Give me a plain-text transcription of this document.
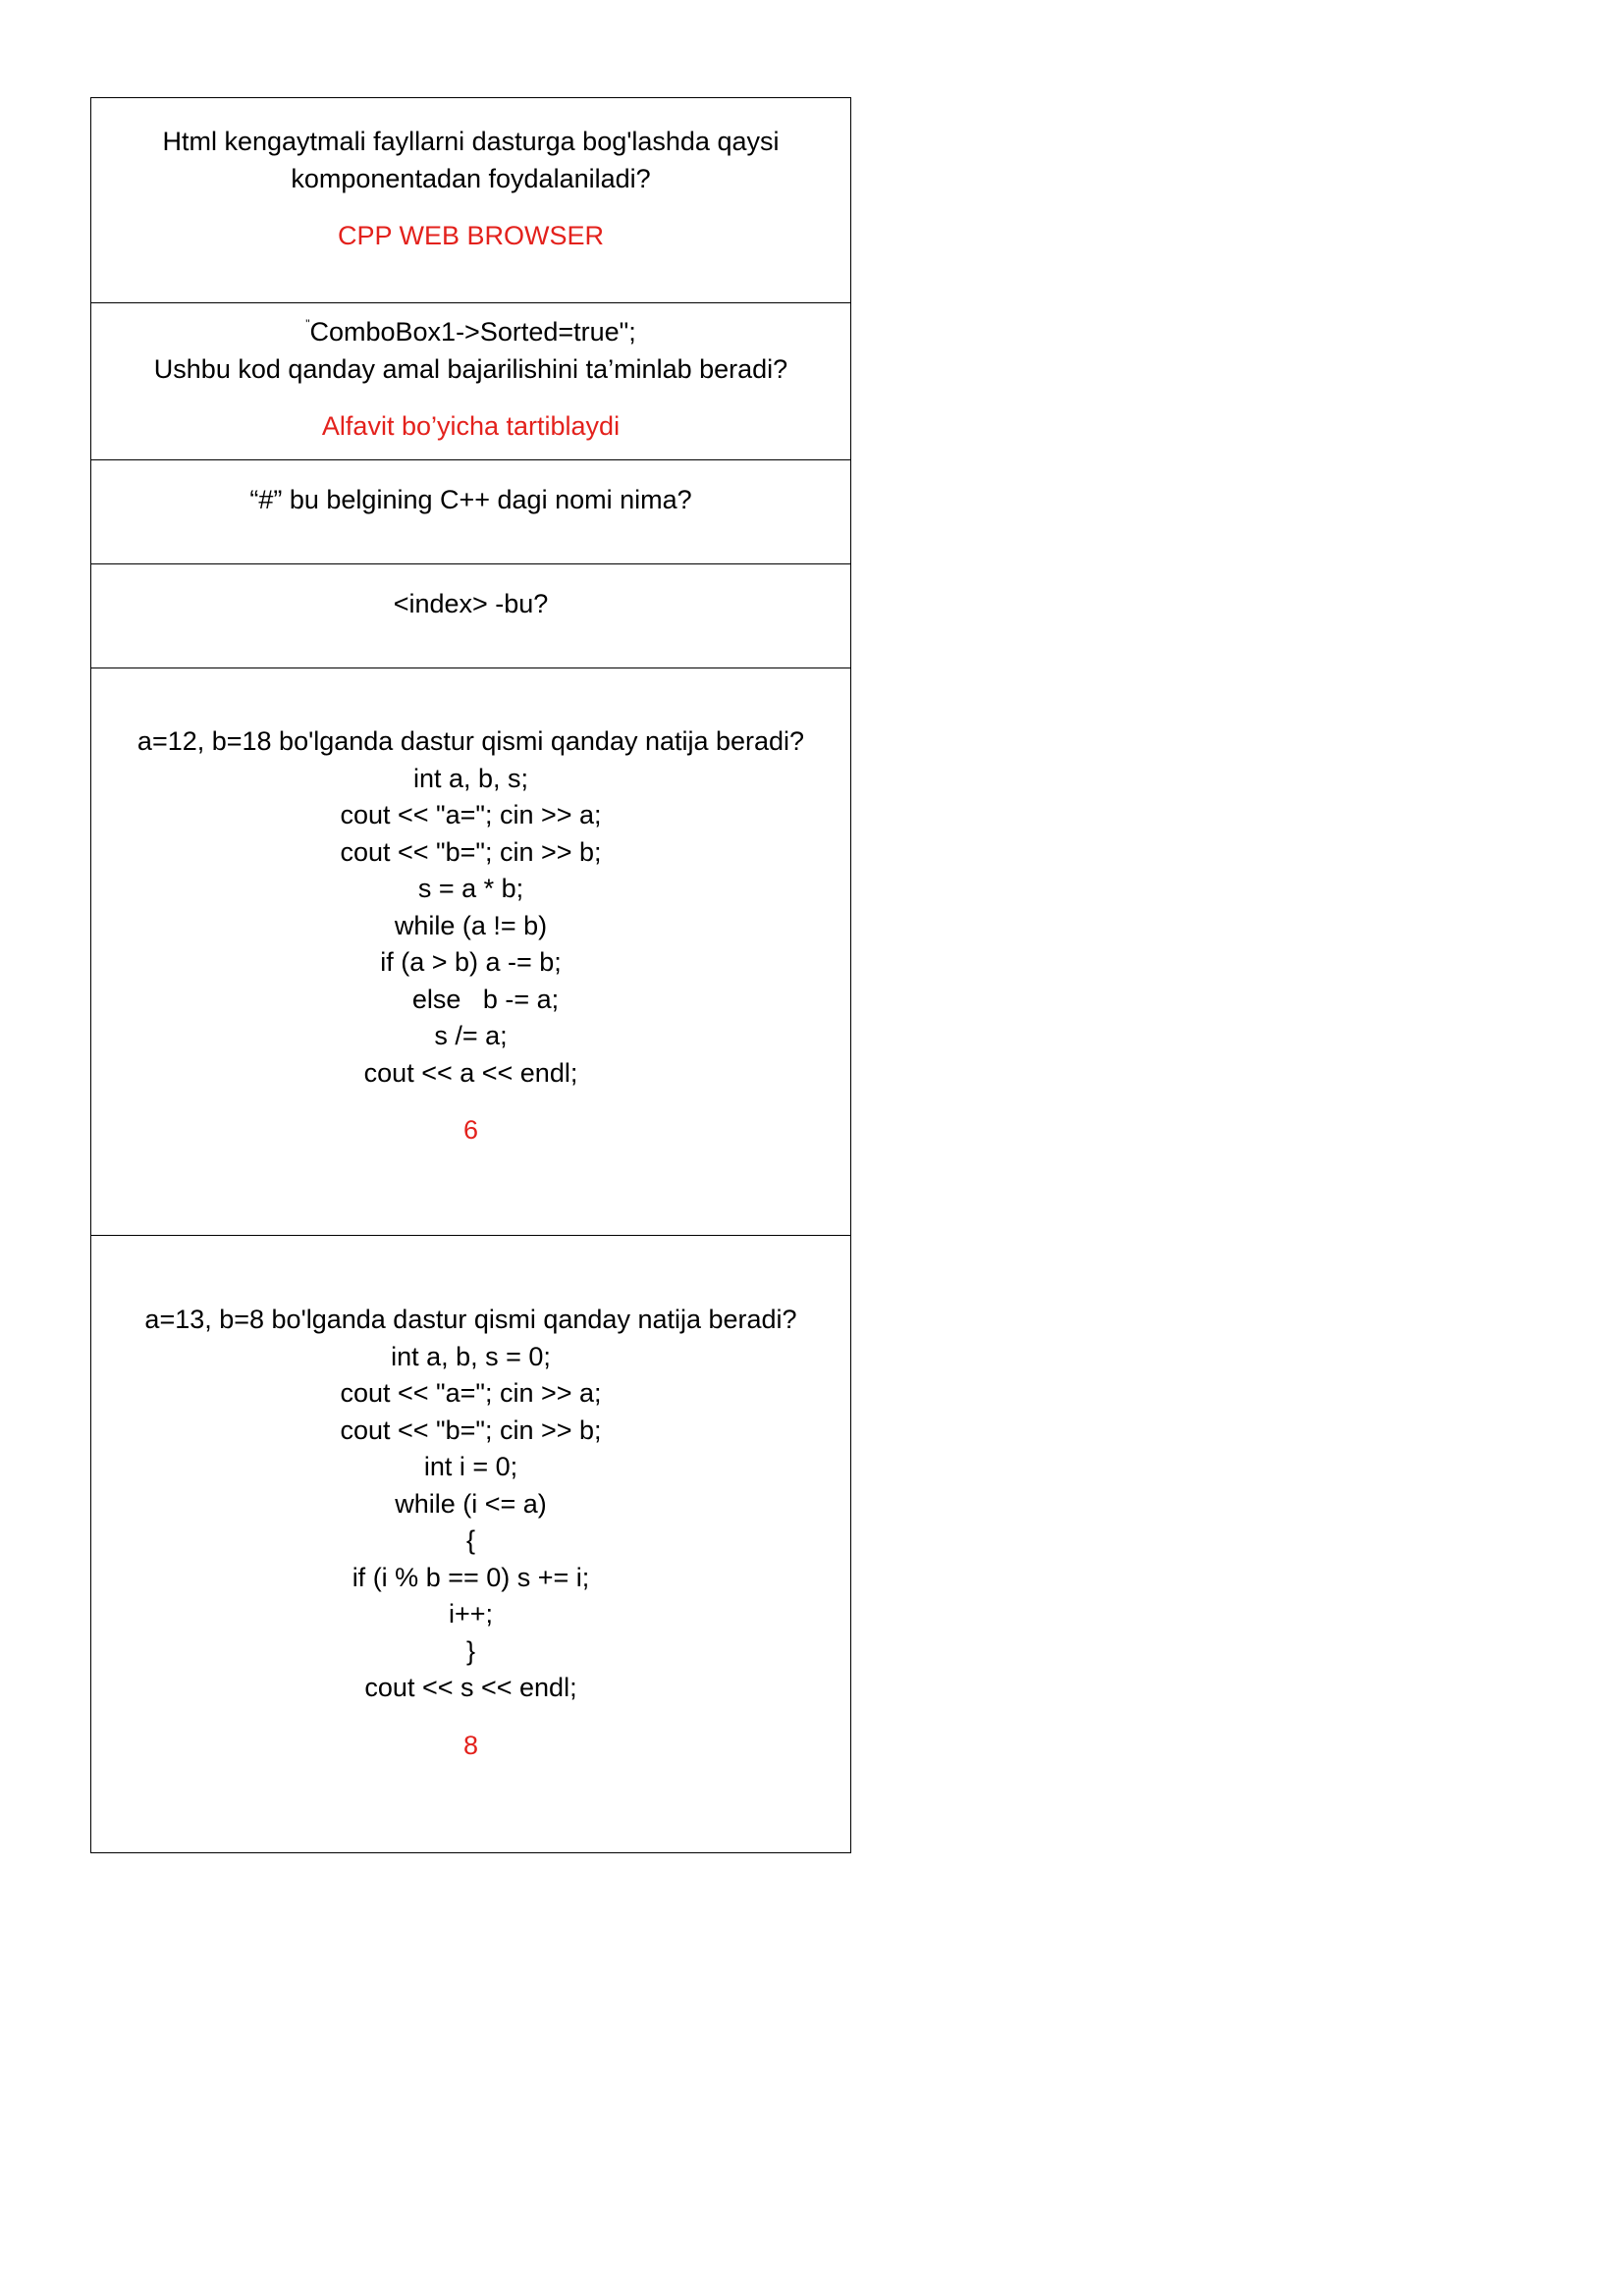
Html kengaytmali fayllarni dasturga bog'lashda qaysi
komponentadan foydalaniladi?
CPP WEB BROWSER

"ComboBox1->Sorted=true";
Ushbu kod qanday amal bajarilishini ta’minlab beradi?
Alfavit bo’yicha tartiblaydi

“#” bu belgining C++ dagi nomi nima?

<index> -bu?

a=12, b=18 bo'lganda dastur qismi qanday natija beradi?
int a, b, s;
cout << "a="; cin >> a;
cout << "b="; cin >> b;
s = a * b;
while (a != b)
if (a > b) a -= b;
else   b -= a;
s /= a;
cout << a << endl;
6

a=13, b=8 bo'lganda dastur qismi qanday natija beradi?
int a, b, s = 0;
cout << "a="; cin >> a;
cout << "b="; cin >> b;
int i = 0;
while (i <= a)
{
if (i % b == 0) s += i;
i++;
}
cout << s << endl;
8
